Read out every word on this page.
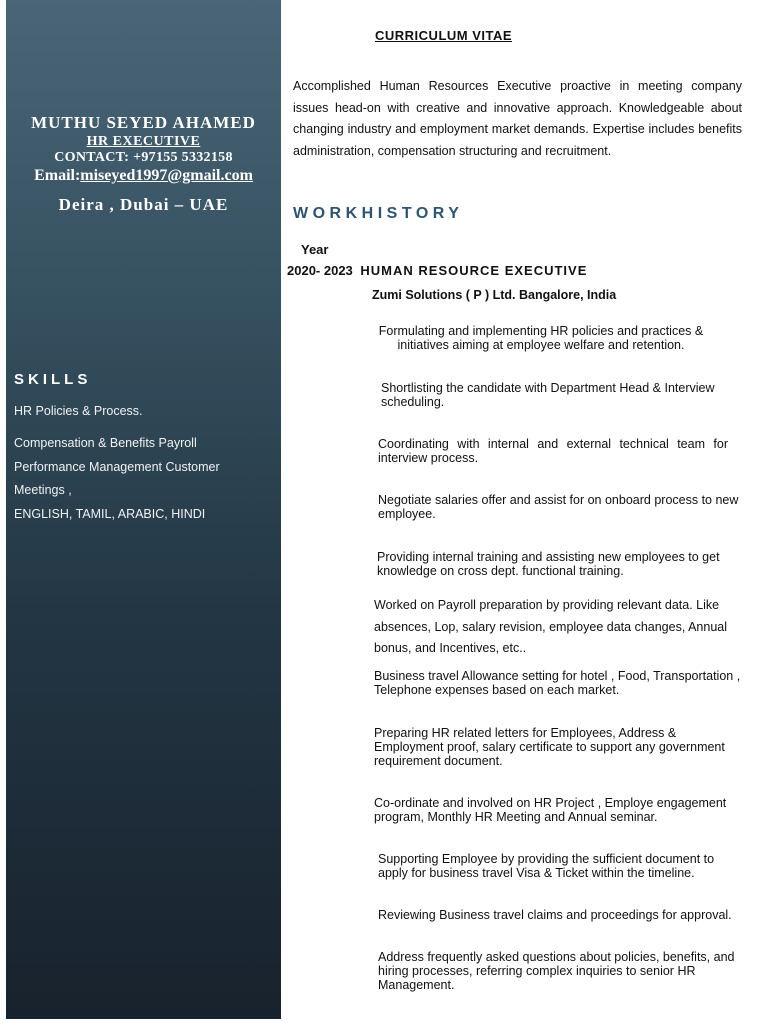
MUTHU SEYED AHAMED
HR EXECUTIVE
CONTACT: +97155 5332158
Email:miseyed1997@gmail.com
Deira , Dubai – UAE
SKILLS
HR Policies & Process.
Compensation & Benefits Payroll
Performance Management Customer
Meetings ,
ENGLISH, TAMIL, ARABIC, HINDI
CURRICULUM VITAE
Accomplished Human Resources Executive proactive in meeting company issues head-on with creative and innovative approach. Knowledgeable about changing industry and employment market demands. Expertise includes benefits administration, compensation structuring and recruitment.
WORKHISTORY
Year
2020- 2023 HUMAN RESOURCE EXECUTIVE
Zumi Solutions ( P ) Ltd. Bangalore, India
Formulating and implementing HR policies and practices & initiatives aiming at employee welfare and retention.
Shortlisting the candidate with Department Head & Interview scheduling.
Coordinating with internal and external technical team for interview process.
Negotiate salaries offer and assist for on onboard process to new employee.
Providing internal training and assisting new employees to get knowledge on cross dept. functional training.
Worked on Payroll preparation by providing relevant data. Like absences, Lop, salary revision, employee data changes, Annual bonus, and Incentives, etc..
Business travel Allowance setting for hotel , Food, Transportation , Telephone expenses based on each market.
Preparing HR related letters for Employees, Address & Employment proof, salary certificate to support any government requirement document.
Co-ordinate and involved on HR Project , Employe engagement program, Monthly HR Meeting and Annual seminar.
Supporting Employee by providing the sufficient document to apply for business travel Visa & Ticket within the timeline.
Reviewing Business travel claims and proceedings for approval.
Address frequently asked questions about policies, benefits, and hiring processes, referring complex inquiries to senior HR Management.
